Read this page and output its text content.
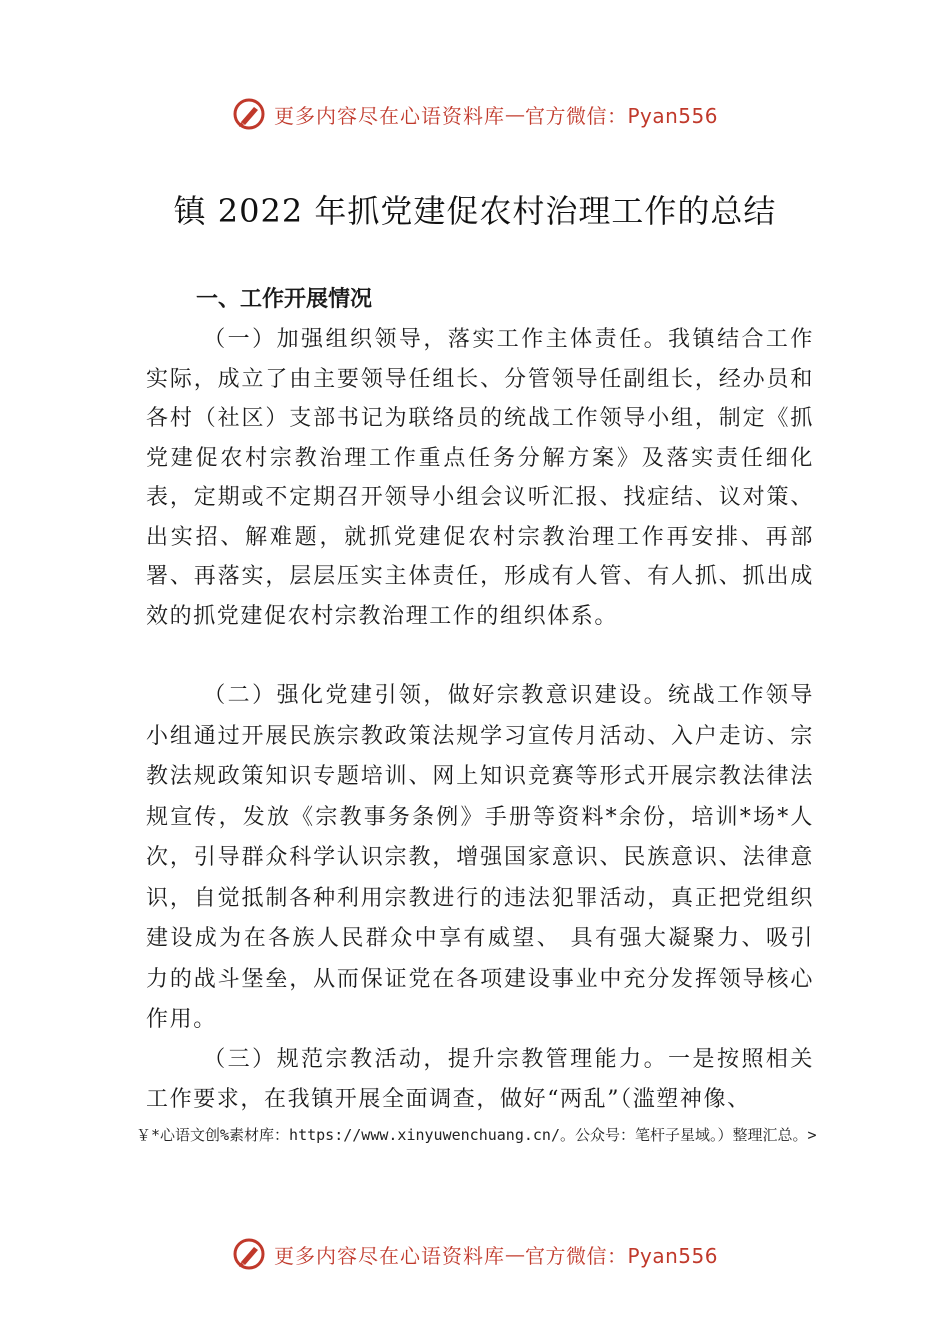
更多内容尽在心语资料库 — 官方微信：Pyan556
镇 2022 年抓党建促农村治理工作的总结
一、工作开展情况
（一）加强组织领导，落实工作主体责任。我镇结合工作实际，成立了由主要领导任组长、分管领导任副组长，经办员和各村（社区）支部书记为联络员的统战工作领导小组，制定《抓党建促农村宗教治理工作重点任务分解方案》及落实责任细化表，定期或不定期召开领导小组会议听汇报、找症结、议对策、出实招、解难题，就抓党建促农村宗教治理工作再安排、再部署、再落实，层层压实主体责任，形成有人管、有人抓、抓出成效的抓党建促农村宗教治理工作的组织体系。
（二）强化党建引领，做好宗教意识建设。统战工作领导小组通过开展民族宗教政策法规学习宣传月活动、入户走访、宗教法规政策知识专题培训、网上知识竞赛等形式开展宗教法律法规宣传，发放《宗教事务条例》手册等资料*余份，培训*场*人次，引导群众科学认识宗教，增强国家意识、民族意识、法律意识，自觉抵制各种利用宗教进行的违法犯罪活动，真正把党组织建设成为在各族人民群众中享有威望、 具有强大凝聚力、吸引力的战斗堡垒，从而保证党在各项建设事业中充分发挥领导核心作用。
（三）规范宗教活动，提升宗教管理能力。一是按照相关工作要求，在我镇开展全面调查，做好“两乱”（滥塑神像、
￥*心语文创%素材库：https://www.xinyuwenchuang.cn/。公众号：笔杆子星域。）整理汇总。>
更多内容尽在心语资料库 — 官方微信：Pyan556
